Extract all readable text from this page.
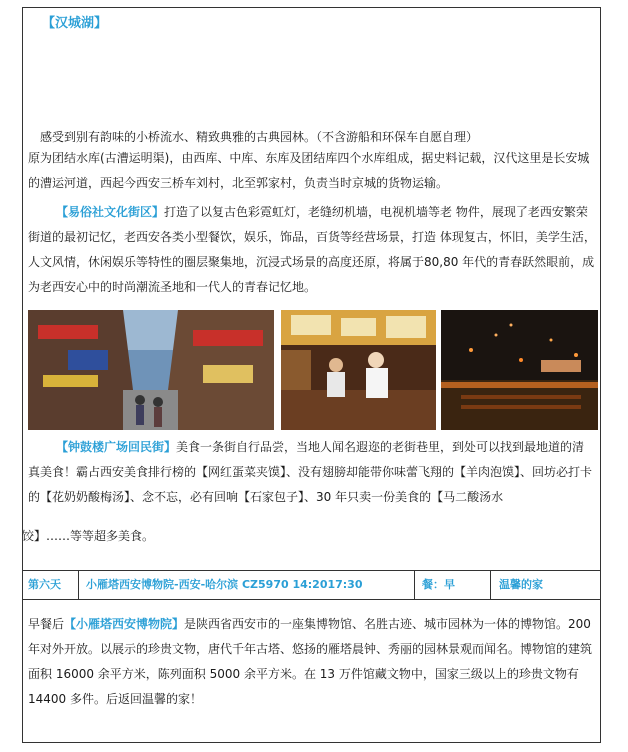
【汉城湖】
感受到别有韵味的小桥流水、精致典雅的古典园林。（不含游船和环保车自愿自理）
原为团结水库(古漕运明渠)，由西库、中库、东库及团结库四个水库组成，据史料记载，汉代这里是长安城的漕运河道，西起今西安三桥车刘村，北至郭家村，负责当时京城的货物运输。
【易俗社文化街区】打造了以复古色彩霓虹灯，老缝纫机墙，电视机墙等老 物件，展现了老西安繁荣街道的最初记忆，老西安各类小型餐饮，娱乐，饰品，百货等经营场景，打造 体现复古，怀旧，美学生活，人文风情，休闲娱乐等特性的圈层聚集地，沉浸式场景的高度还原，将属于80,80 年代的青春跃然眼前，成为老西安心中的时尚潮流圣地和一代人的青春记忆地。
【钟鼓楼广场回民街】美食一条街自行品尝，当地人闻名遐迩的老街巷里，到处可以找到最地道的清真美食！霸占西安美食排行榜的【网红蛋菜夹馍】、没有翅膀却能带你味蕾飞翔的【羊肉泡馍】、回坊必打卡的【花奶奶酸梅汤】、念不忘，必有回响【石家包子】、30 年只卖一份美食的【马二酸汤水
饺】……等等超多美食。
第六天 小雁塔西安博物院-西安-哈尔滨 CZ5970 14:2017:30	餐：早	温馨的家
早餐后【小雁塔西安博物院】是陕西省西安市的一座集博物馆、名胜古迹、城市园林为一体的博物馆。200年对外开放。以展示的珍贵文物，唐代千年古塔、悠扬的雁塔晨钟、秀丽的园林景观而闻名。博物馆的建筑面积 16000 余平方米，陈列面积 5000 余平方米。在 13 万件馆藏文物中，国家三级以上的珍贵文物有 14400 多件。后返回温馨的家！
